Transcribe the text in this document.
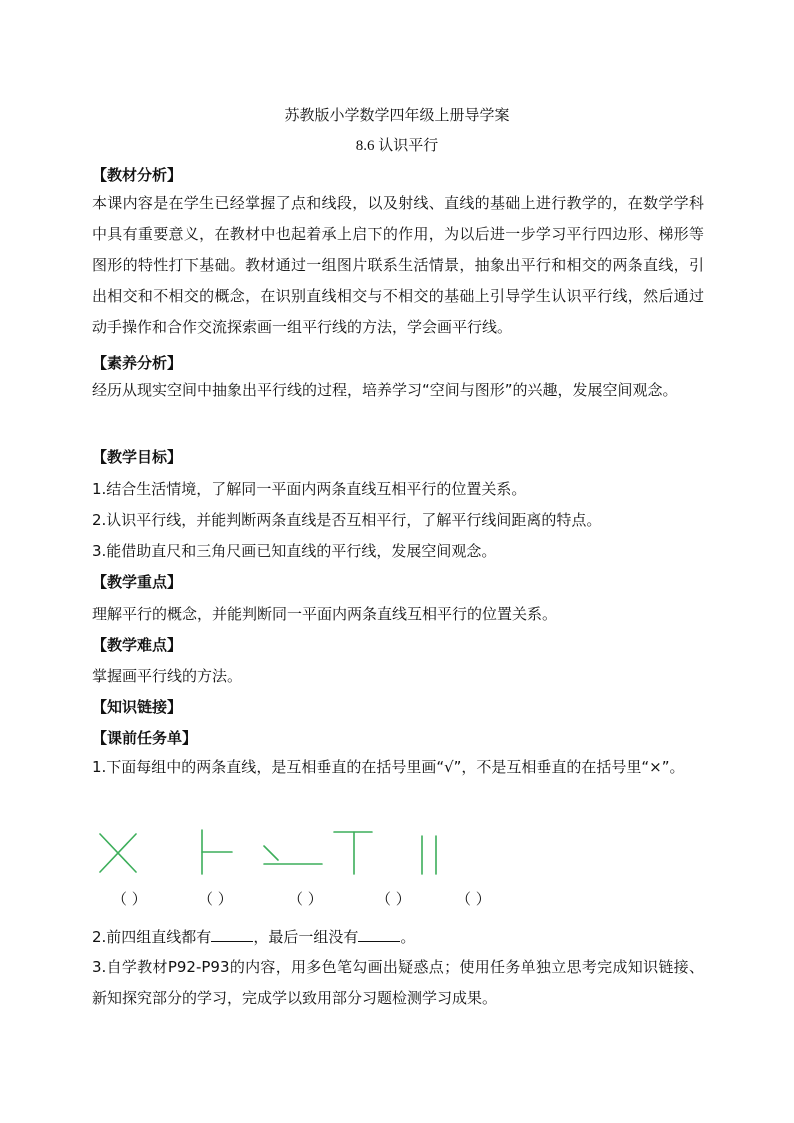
苏教版小学数学四年级上册导学案
8.6 认识平行
【教材分析】
本课内容是在学生已经掌握了点和线段，以及射线、直线的基础上进行教学的，在数学学科中具有重要意义，在教材中也起着承上启下的作用，为以后进一步学习平行四边形、梯形等图形的特性打下基础。教材通过一组图片联系生活情景，抽象出平行和相交的两条直线，引出相交和不相交的概念，在识别直线相交与不相交的基础上引导学生认识平行线，然后通过动手操作和合作交流探索画一组平行线的方法，学会画平行线。
【素养分析】
经历从现实空间中抽象出平行线的过程，培养学习“空间与图形”的兴趣，发展空间观念。
【教学目标】
1.结合生活情境，了解同一平面内两条直线互相平行的位置关系。
2.认识平行线，并能判断两条直线是否互相平行，了解平行线间距离的特点。
3.能借助直尺和三角尺画已知直线的平行线，发展空间观念。
【教学重点】
理解平行的概念，并能判断同一平面内两条直线互相平行的位置关系。
【教学难点】
掌握画平行线的方法。
【知识链接】
【课前任务单】
1.下面每组中的两条直线，是互相垂直的在括号里画“√”，不是互相垂直的在括号里“×”。
（ ）	（ ）	（ ）	（ ）	（ ）
2.前四组直线都有	，最后一组没有	。
3.自学教材P92-P93的内容，用多色笔勾画出疑惑点；使用任务单独立思考完成知识链接、新知探究部分的学习，完成学以致用部分习题检测学习成果。
